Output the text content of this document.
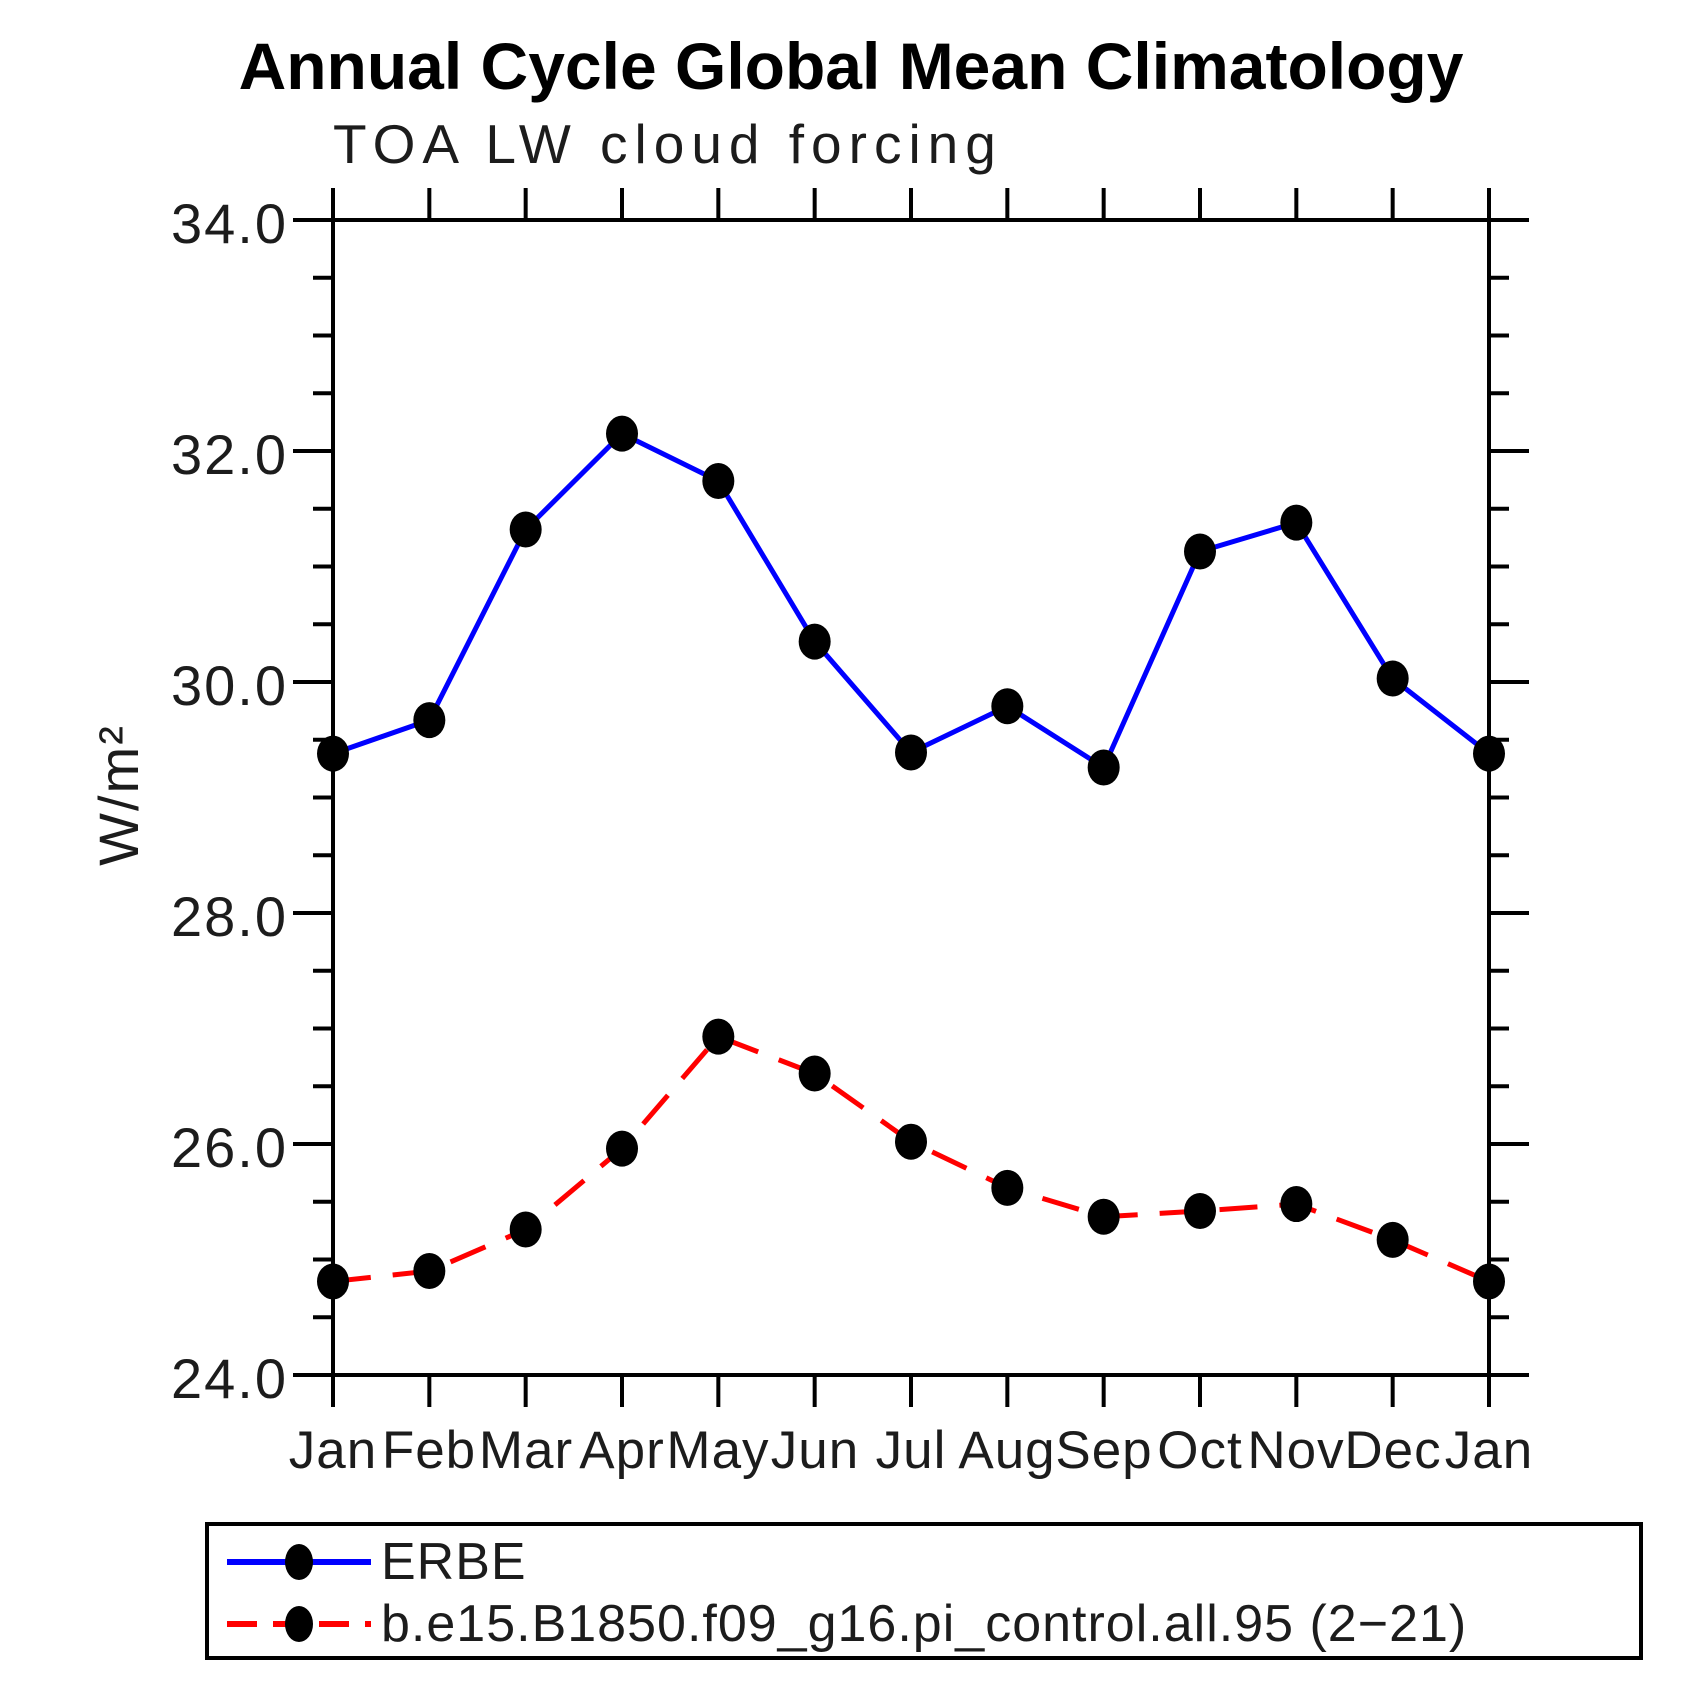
Annual Cycle Global Mean Climatology
TOA LW cloud forcing
W/m²
34.0
32.0
30.0
28.0
26.0
24.0
Jan Feb Mar Apr May Jun Jul Aug Sep Oct Nov Dec Jan
ERBE
b.e15.B1850.f09_g16.pi_control.all.95 (2−21)
